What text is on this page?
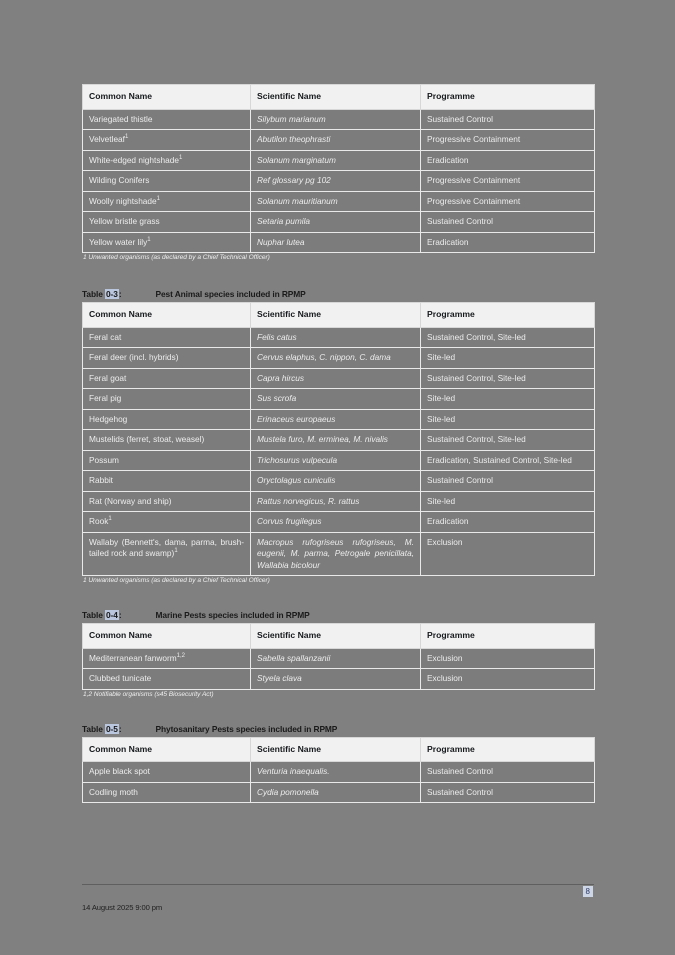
Common Name	Scientific Name	Programme
Variegated thistle	Silybum marianum	Sustained Control
Velvetleaf$^1$	Abutilon theophrasti	Progressive Containment
White-edged nightshade$^1$	Solanum marginatum	Eradication
Wilding Conifers	Ref glossary pg 102	Progressive Containment
Woolly nightshade$^1$	Solanum mauritianum	Progressive Containment
Yellow bristle grass	Setaria pumila	Sustained Control
Yellow water lily$^1$	Nuphar lutea	Eradication
1 Unwanted organisms (as declared by a Chief Technical Officer)

Table 0-3:	Pest Animal species included in RPMP

Common Name	Scientific Name	Programme
Feral cat	Felis catus	Sustained Control, Site-led
Feral deer (incl. hybrids)	Cervus elaphus, C. nippon, C. dama	Site-led
Feral goat	Capra hircus	Sustained Control, Site-led
Feral pig	Sus scrofa	Site-led
Hedgehog	Erinaceus europaeus	Site-led
Mustelids (ferret, stoat, weasel)	Mustela furo, M. erminea, M. nivalis	Sustained Control, Site-led
Possum	Trichosurus vulpecula	Eradication, Sustained Control, Site-led
Rabbit	Oryctolagus cuniculis	Sustained Control
Rat (Norway and ship)	Rattus norvegicus, R. rattus	Site-led
Rook$^1$	Corvus frugilegus	Eradication
Wallaby (Bennett's, dama, parma, brush-tailed rock and swamp)$^1$	Macropus rufogriseus rufogriseus, M. eugenii, M. parma, Petrogale penicillata, Wallabia bicolour	Exclusion
1 Unwanted organisms (as declared by a Chief Technical Officer)

Table 0-4:	Marine Pests species included in RPMP

Common Name	Scientific Name	Programme
Mediterranean fanworm$^{1,2}$	Sabella spallanzanii	Exclusion
Clubbed tunicate	Styela clava	Exclusion
1,2 Notifiable organisms (s45 Biosecurity Act)

Table 0-5:	Phytosanitary Pests species included in RPMP

Common Name	Scientific Name	Programme
Apple black spot	Venturia inaequalis.	Sustained Control
Codling moth	Cydia pomonella	Sustained Control
8
14 August 2025 9:00 pm
